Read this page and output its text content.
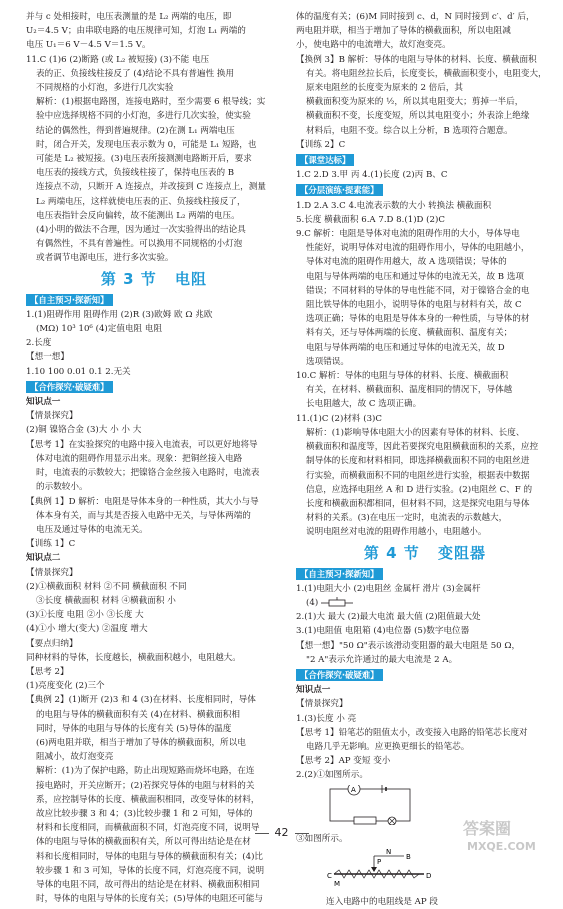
并与 c 处相接时，电压表测量的是 L₂ 两端的电压，即

U₂＝4.5 V；由串联电路的电压规律可知，灯泡 L₁ 两端的

电压 U₁＝6 V－4.5 V＝1.5 V。

11.C (1)6 (2)断路 (或 L₂ 被短接) (3)不能 电压

表的正、负接线柱接反了 (4)结论不具有普遍性 换用

不同规格的小灯泡，多进行几次实验

解析：(1)根据电路图，连接电路时，至少需要 6 根导线；实

验中应选择规格不同的小灯泡，多进行几次实验，使实验

结论的偶然性，得到普遍规律。(2)在测 L₁ 两端电压

时，闭合开关，发现电压表示数为 0，可能是 L₁ 短路，也

可能是 L₂ 被短接。(3)电压表所接测测电路断开后，要求

电压表的接线方式，负接线柱接了，保持电压表的 B

连接点不动，只断开 A 连接点，并改接到 C 连接点上，测量

L₂ 两端电压，这样就使电压表的正、负接线柱接反了，

电压表指针会反向偏转，故不能测出 L₂ 两端的电压。

(4)小明的做法不合理，因为通过一次实验得出的结论具

有偶然性，不具有普遍性。可以换用不同规格的小灯泡

或者调节电源电压，进行多次实验。

第 3 节 电阻
【自主预习·探新知】

1.(1)阻碍作用 阻碍作用 (2)R (3)欧姆 欧 Ω 兆欧

(MΩ) 10³ 10⁶ (4)定值电阻 电阻

2.长度

【想一想】

1.10 100 0.01 0.1 2.无关

【合作探究·破疑难】

知识点一

【情景探究】

(2)铜 镍铬合金 (3)大 小 小 大

【思考 1】在实验探究的电路中接入电流表，可以更好地将导

体对电流的阻碍作用显示出来。现象：把铜丝接入电路

时，电流表的示数较大；把镍铬合金丝接入电路时，电流表

的示数较小。

【典例 1】D 解析：电阻是导体本身的一种性质，其大小与导

体本身有关，而与其是否接入电路中无关，与导体两端的

电压及通过导体的电流无关。

【训练 1】C

知识点二

【情景探究】

(2)①横截面积 材料 ②不同 横截面积 不同

③长度 横截面积 材料 ④横截面积 小

(3)①长度 电阻 ②小 ③长度 大

(4)①小 增大(变大) ②温度 增大

【要点归纳】

同种材料的导体，长度越长，横截面积越小，电阻越大。

【思考 2】

(1)亮度变化 (2)三个

【典例 2】(1)断开 (2)3 和 4 (3)在材料、长度相同时，导体

的电阻与导体的横截面积有关 (4)在材料、横截面积相

同时，导体的电阻与导体的长度有关 (5)导体的温度

(6)两电阻并联，相当于增加了导体的横截面积，所以电

阻减小，故灯泡变亮

解析：(1)为了保护电路，防止出现短路而烧坏电路，在连

接电路时，开关应断开；(2)若探究导体的电阻与材料的关

系，应控制导体的长度、横截面积相同，改变导体的材料，

故应比较步骤 3 和 4；(3)比较步骤 1 和 2 可知，导体的

材料和长度相同，而横截面积不同，灯泡亮度不同，说明导

体的电阻与导体的横截面积有关，所以可得出结论是在材

料和长度相同时，导体的电阻与导体的横截面积有关；(4)比

较步骤 1 和 3 可知，导体的长度不同，灯泡亮度不同，说明

导体的电阻不同，故可得出的结论是在材料、横截面积相同

时，导体的电阻与导体的长度有关；(5)导体的电阻还可能与

体的温度有关；(6)M 同时接到 c、d，N 同时接到 c′、d′ 后，

两电阻并联，相当于增加了导体的横截面积，所以电阻减

小，使电路中的电流增大，故灯泡变亮。

【换例 3】B 解析：导体的电阻与导体的材料、长度、横截面积

有关。将电阻丝拉长后，长度变长，横截面积变小，电阻变大，

原来电阻丝的长度变为原来的 2 倍后，其

横截面积变为原来的 ½，所以其电阻变大；剪掉一半后，

横截面积不变，长度变短，所以其电阻变小；外表涂上绝缘

材料后，电阻不变。综合以上分析，B 选项符合题意。

【训练 2】C

【课堂达标】

1.C 2.D 3.甲 丙 4.(1)长度 (2)丙 B、C

【分层演练·提素能】

1.D 2.A 3.C 4.电流表示数的大小 转换法 横截面积

5.长度 横截面积 6.A 7.D 8.(1)D (2)C

9.C 解析：电阻是导体对电流的阻碍作用的大小，导体导电

性能好，说明导体对电流的阻碍作用小，导体的电阻越小，

导体对电流的阻碍作用越大，故 A 选项错误；导体的

电阻与导体两端的电压和通过导体的电流无关，故 B 选项

错误；不同材料的导体的导电性能不同，对于镍铬合金的电

阻比铁导体的电阻小，说明导体的电阻与材料有关，故 C

选项正确；导体的电阻是导体本身的一种性质，与导体的材

料有关，还与导体两端的长度、横截面积、温度有关；

电阻与导体两端的电压和通过导体的电流无关，故 D

选项错误。

10.C 解析：导体的电阻与导体的材料、长度、横截面积

有关，在材料、横截面积、温度相同的情况下，导体越

长电阻越大，故 C 选项正确。

11.(1)C (2)材料 (3)C

解析：(1)影响导体电阻大小的因素有导体的材料、长度、

横截面积和温度等，因此若要探究电阻横截面积的关系，应控

制导体的长度和材料相同，即选择横截面积不同的电阻丝进

行实验，而横截面积不同的电阻丝进行实验，根据表中数据

信息，应选择电阻丝 A 和 D 进行实验。(2)电阻丝 C、F 的

长度和横截面积都相同，但材料不同，这是探究电阻与导体

材料的关系。(3)在电压一定时，电流表的示数越大，

说明电阻丝对电流的阻碍作用越小，电阻越小。

第 4 节 变阻器
【自主预习·探新知】

1.(1)电阻大小 (2)电阻丝 金属杆 滑片 (3)金属杆

(4)

2.(1)大 最大 (2)最大电流 最大值 (2)阻值最大处

3.(1)电阻值 电阻箱 (4)电位器 (5)数字电位器

【想一想】"50 Ω"表示该滑动变阻器的最大电阻是 50 Ω，

"2 A"表示允许通过的最大电流是 2 A。

【合作探究·破疑难】

知识点一

【情景探究】

1.(3)长度 小 亮

【思考 1】铅笔芯的阻值太小，改变接入电路的铅笔芯长度对

电路几乎无影响。应更换更细长的铅笔芯。

【思考 2】AP 变短 变小

2.(2)①如图所示。

A

③如图所示。

C	D
P
B
N
M

连入电路中的电阻线是 AP 段

42	答案圈
MXQE.COM
